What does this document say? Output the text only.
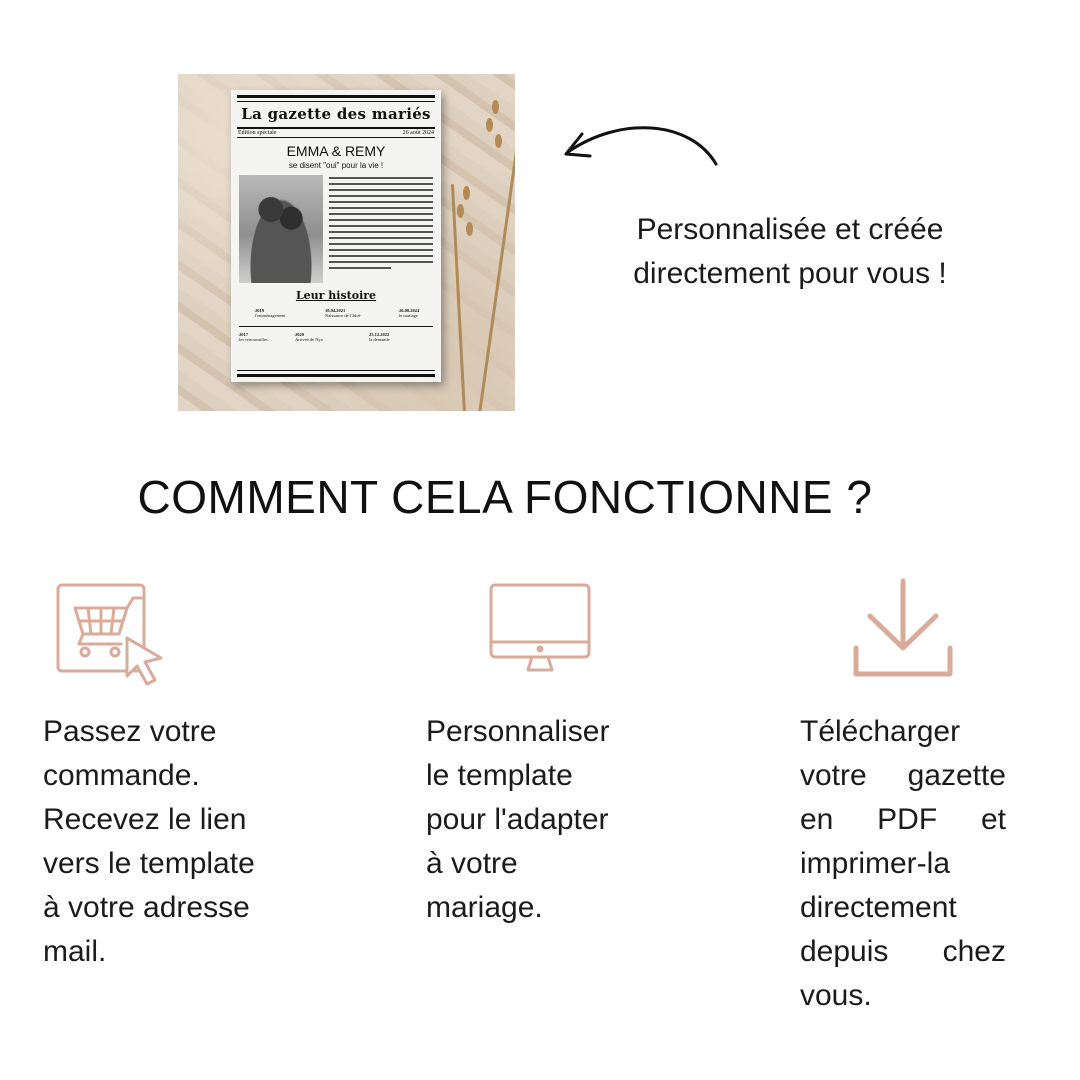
La gazette des mariés
Édition spéciale	26 août 2024
EMMA & REMY
se disent "oui" pour la vie !
Leur histoire
2019
l'emménagement
10.04.2021
Naissance de Chloé
26.08.2024
le mariage
2017
les retrouvailles
2020
Arrivée de Nya
25.12.2022
la demande
Personnalisée et créée
directement pour vous !
COMMENT CELA FONCTIONNE ?
Passez votre
commande.
Recevez le lien
vers le template
à votre adresse
mail.
Personnaliser
le template
pour l'adapter
à votre
mariage.
Télécharger
votre gazette
en PDF et
imprimer-la
directement
depuis chez
vous.
